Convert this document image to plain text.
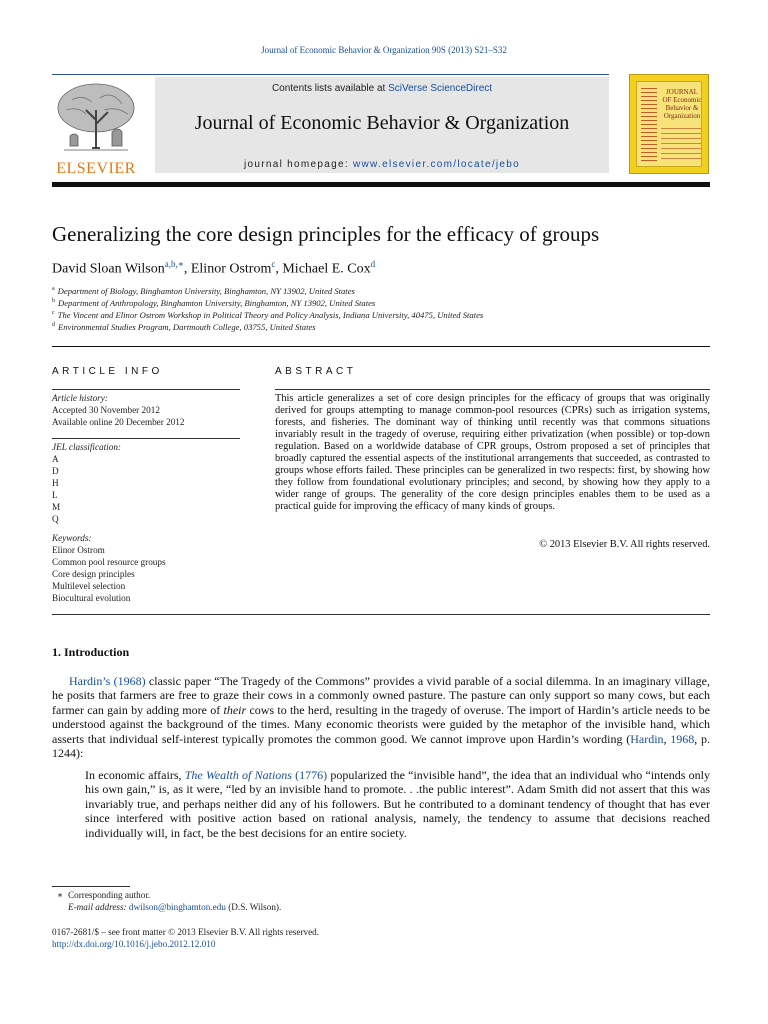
Journal of Economic Behavior & Organization 90S (2013) S21–S32
ELSEVIER
Contents lists available at SciVerse ScienceDirect
Journal of Economic Behavior & Organization
journal homepage: www.elsevier.com/locate/jebo
JOURNAL OF Economic Behavior & Organization
Generalizing the core design principles for the efficacy of groups
David Sloan Wilson$^{a,b,∗}$, Elinor Ostrom$^c$, Michael E. Cox$^d$
$^a$ Department of Biology, Binghamton University, Binghamton, NY 13902, United States
$^b$ Department of Anthropology, Binghamton University, Binghamton, NY 13902, United States
$^c$ The Vincent and Elinor Ostrom Workshop in Political Theory and Policy Analysis, Indiana University, 40475, United States
$^d$ Environmental Studies Program, Dartmouth College, 03755, United States
ARTICLE INFO
Article history:
Accepted 30 November 2012
Available online 20 December 2012
JEL classification:
A
D
H
L
M
Q
Keywords:
Elinor Ostrom
Common pool resource groups
Core design principles
Multilevel selection
Biocultural evolution
ABSTRACT
This article generalizes a set of core design principles for the efficacy of groups that was originally derived for groups attempting to manage common-pool resources (CPRs) such as irrigation systems, forests, and fisheries. The dominant way of thinking until recently was that commons situations invariably result in the tragedy of overuse, requiring either privatization (when possible) or top-down regulation. Based on a worldwide database of CPR groups, Ostrom proposed a set of principles that broadly captured the essential aspects of the institutional arrangements that succeeded, as contrasted to groups whose efforts failed. These principles can be generalized in two respects: first, by showing how they follow from foundational evolutionary principles; and second, by showing how they apply to a wider range of groups. The generality of the core design principles enables them to be used as a practical guide for improving the efficacy of many kinds of groups.
© 2013 Elsevier B.V. All rights reserved.
1. Introduction
Hardin’s (1968) classic paper “The Tragedy of the Commons” provides a vivid parable of a social dilemma. In an imaginary village, he posits that farmers are free to graze their cows in a commonly owned pasture. The pasture can only support so many cows, but each farmer can gain by adding more of their cows to the herd, resulting in the tragedy of overuse. The import of Hardin’s article needs to be understood against the background of the times. Many economic theorists were guided by the metaphor of the invisible hand, which asserts that individual self-interest typically promotes the common good. We cannot improve upon Hardin’s wording (Hardin, 1968, p. 1244):
In economic affairs, The Wealth of Nations (1776) popularized the “invisible hand”, the idea that an individual who “intends only his own gain,” is, as it were, “led by an invisible hand to promote. . .the public interest”. Adam Smith did not assert that this was invariably true, and perhaps neither did any of his followers. But he contributed to a dominant tendency of thought that has ever since interfered with positive action based on rational analysis, namely, the tendency to assume that decisions reached individually will, in fact, be the best decisions for an entire society.
∗ Corresponding author.
E-mail address: dwilson@binghamton.edu (D.S. Wilson).
0167-2681/$ – see front matter © 2013 Elsevier B.V. All rights reserved.
http://dx.doi.org/10.1016/j.jebo.2012.12.010
